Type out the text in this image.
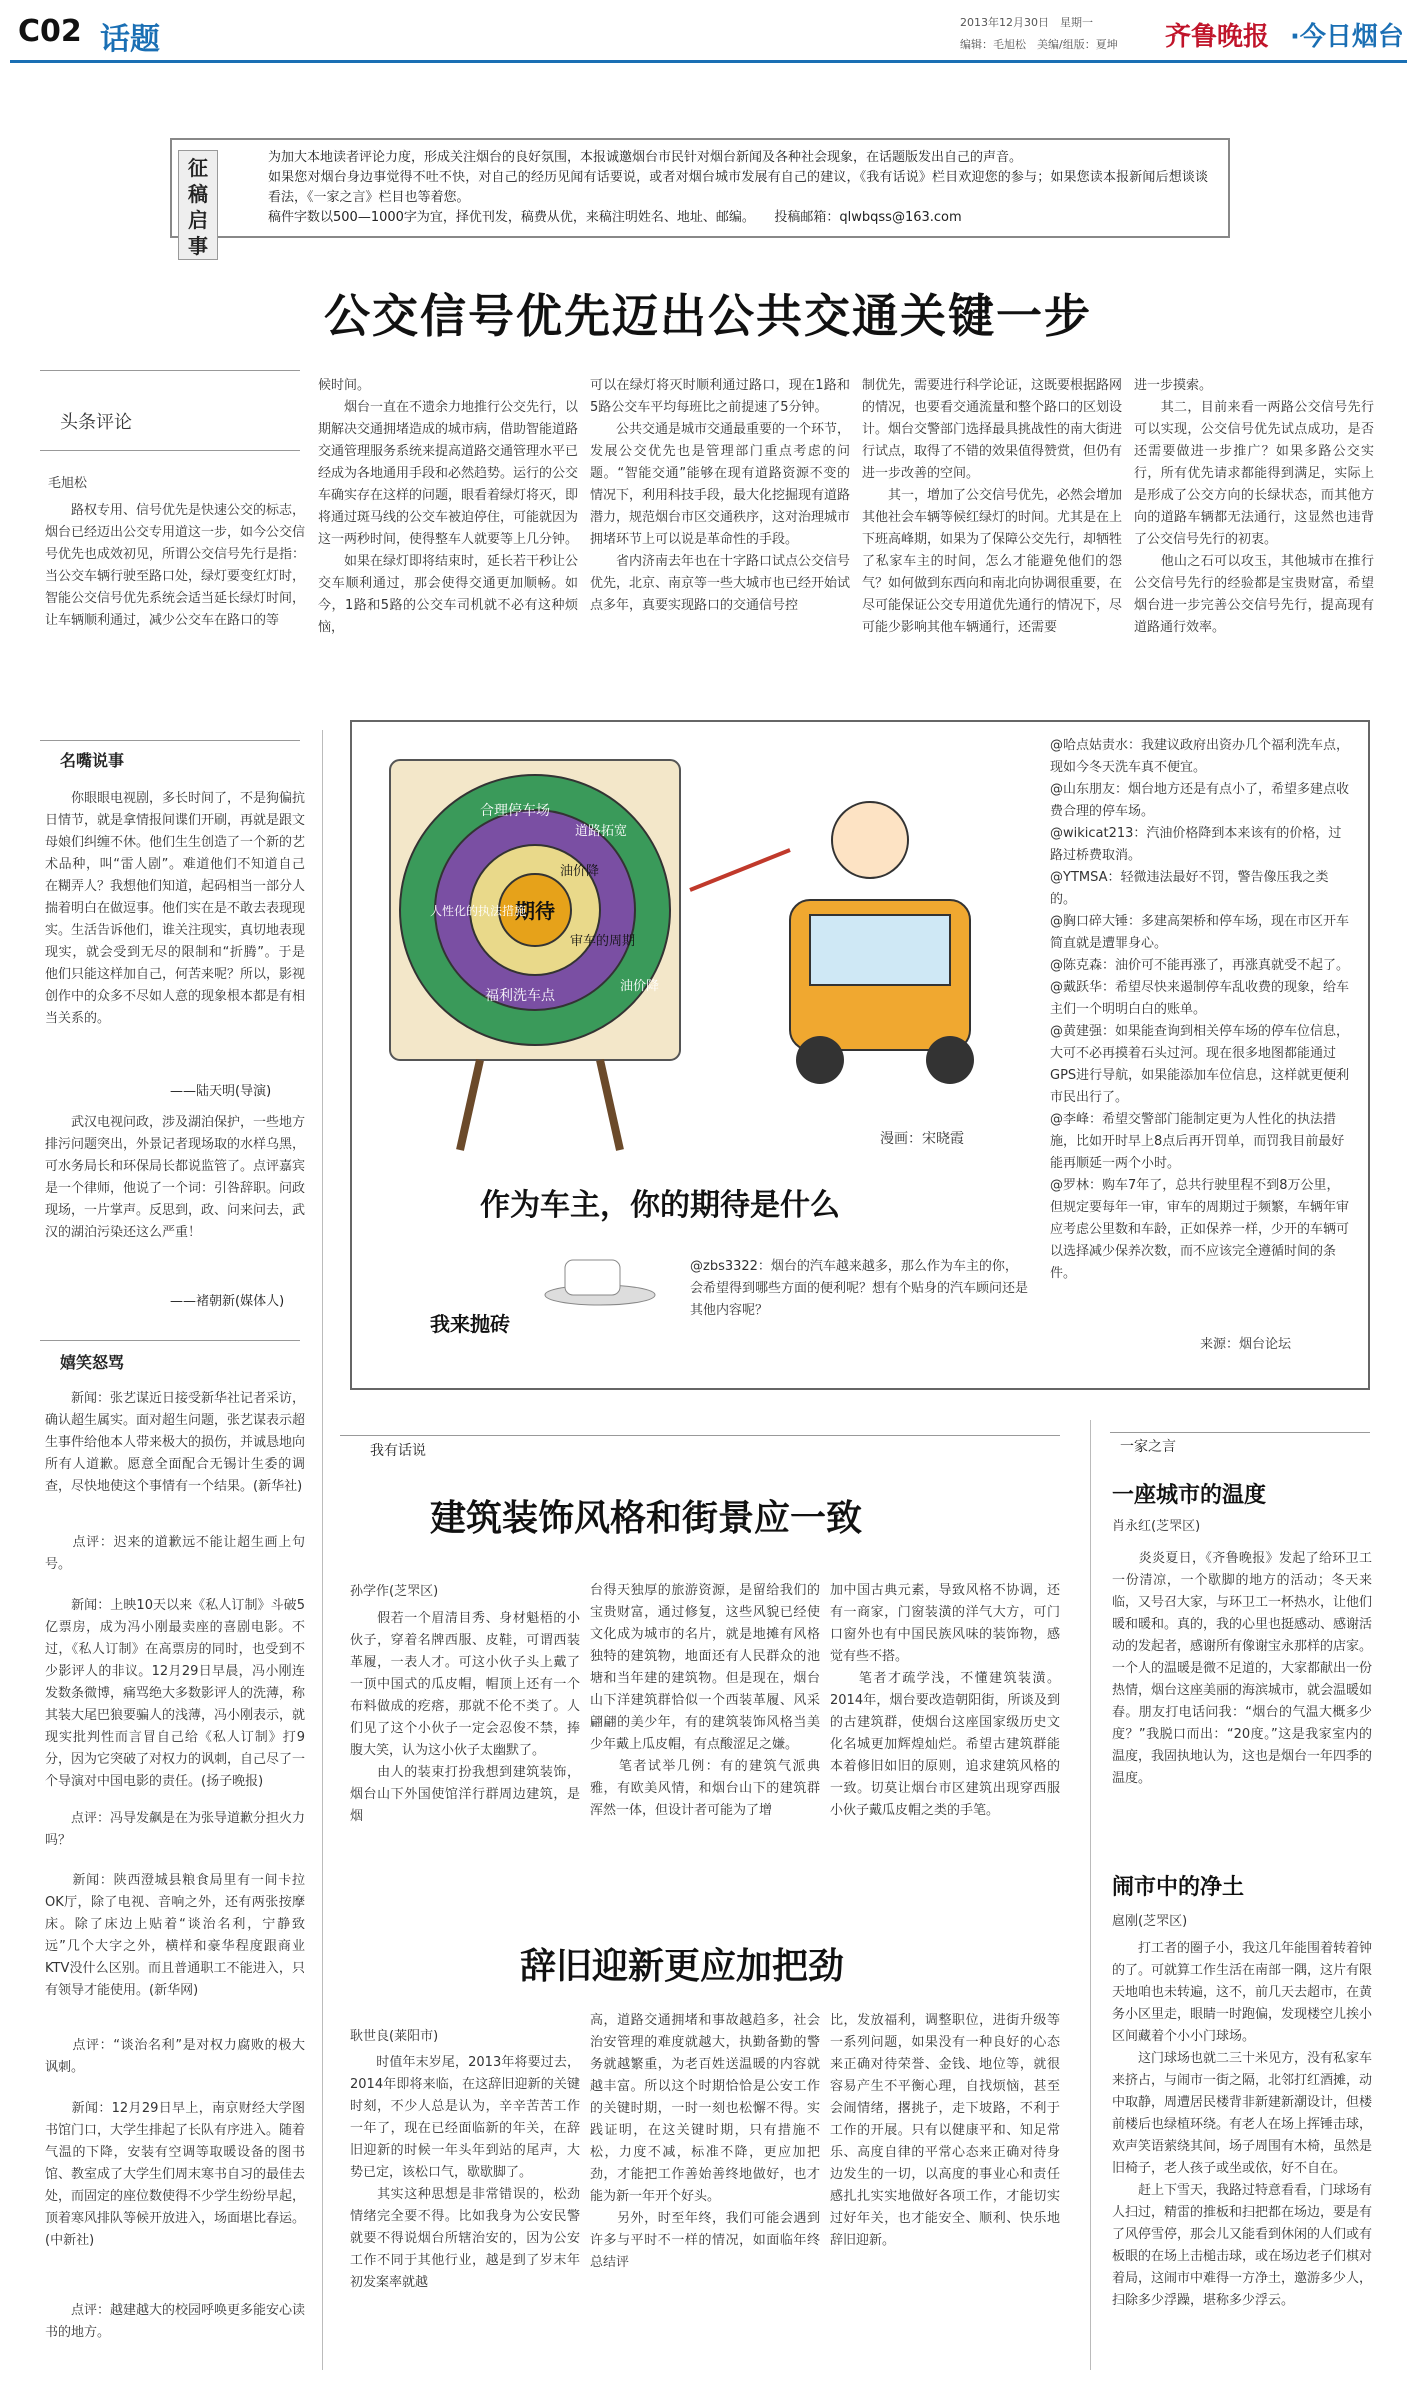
C02 话题	2013年12月30日　星期一
编辑：毛旭松　美编/组版：夏坤 齐鲁晚报 ·今日烟台
征稿启事
为加大本地读者评论力度，形成关注烟台的良好氛围，本报诚邀烟台市民针对烟台新闻及各种社会现象，在话题版发出自己的声音。
如果您对烟台身边事觉得不吐不快，对自己的经历见闻有话要说，或者对烟台城市发展有自己的建议，《我有话说》栏目欢迎您的参与；如果您读本报新闻后想谈谈看法，《一家之言》栏目也等着您。
稿件字数以500—1000字为宜，择优刊发，稿费从优，来稿注明姓名、地址、邮编。　　投稿邮箱：qlwbqss@163.com
公交信号优先迈出公共交通关键一步
头条评论
毛旭松
　　路权专用、信号优先是快速公交的标志，烟台已经迈出公交专用道这一步，如今公交信号优先也成效初见，所谓公交信号先行是指：当公交车辆行驶至路口处，绿灯要变红灯时，智能公交信号优先系统会适当延长绿灯时间，让车辆顺利通过，减少公交车在路口的等
候时间。
　　烟台一直在不遗余力地推行公交先行，以期解决交通拥堵造成的城市病，借助智能道路交通管理服务系统来提高道路交通管理水平已经成为各地通用手段和必然趋势。运行的公交车确实存在这样的问题，眼看着绿灯将灭，即将通过斑马线的公交车被迫停住，可能就因为这一两秒时间，使得整车人就要等上几分钟。
　　如果在绿灯即将结束时，延长若干秒让公交车顺利通过，那会使得交通更加顺畅。如今，1路和5路的公交车司机就不必有这种烦恼，
可以在绿灯将灭时顺利通过路口，现在1路和5路公交车平均每班比之前提速了5分钟。
　　公共交通是城市交通最重要的一个环节，发展公交优先也是管理部门重点考虑的问题。“智能交通”能够在现有道路资源不变的情况下，利用科技手段，最大化挖掘现有道路潜力，规范烟台市区交通秩序，这对治理城市拥堵环节上可以说是革命性的手段。
　　省内济南去年也在十字路口试点公交信号优先，北京、南京等一些大城市也已经开始试点多年，真要实现路口的交通信号控
制优先，需要进行科学论证，这既要根据路网的情况，也要看交通流量和整个路口的区划设计。烟台交警部门选择最具挑战性的南大街进行试点，取得了不错的效果值得赞赏，但仍有进一步改善的空间。
　　其一，增加了公交信号优先，必然会增加其他社会车辆等候红绿灯的时间。尤其是在上下班高峰期，如果为了保障公交先行，却牺牲了私家车主的时间，怎么才能避免他们的怨气？如何做到东西向和南北向协调很重要，在尽可能保证公交专用道优先通行的情况下，尽可能少影响其他车辆通行，还需要
进一步摸索。
　　其二，目前来看一两路公交信号先行可以实现，公交信号优先试点成功，是否还需要做进一步推广？如果多路公交实行，所有优先请求都能得到满足，实际上是形成了公交方向的长绿状态，而其他方向的道路车辆都无法通行，这显然也违背了公交信号先行的初衷。
　　他山之石可以攻玉，其他城市在推行公交信号先行的经验都是宝贵财富，希望烟台进一步完善公交信号先行，提高现有道路通行效率。
名嘴说事
　　你眼眼电视剧，多长时间了，不是狗偏抗日情节，就是拿情报间谍们开刷，再就是跟文母娘们纠缠不休。他们生生创造了一个新的艺术品种，叫“雷人剧”。难道他们不知道自己在糊弄人？我想他们知道，起码相当一部分人揣着明白在做逗事。他们实在是不敢去表现现实。生活告诉他们，谁关注现实，真切地表现现实，就会受到无尽的限制和“折腾”。于是他们只能这样加自己，何苦来呢？所以，影视创作中的众多不尽如人意的现象根本都是有相当关系的。
——陆天明(导演)
　　武汉电视问政，涉及湖泊保护，一些地方排污问题突出，外景记者现场取的水样乌黑，可水务局长和环保局长都说监管了。点评嘉宾是一个律师，他说了一个词：引咎辞职。问政现场，一片掌声。反思到，政、问来问去，武汉的湖泊污染还这么严重！
——褚朝新(媒体人)
嬉笑怒骂
　　新闻：张艺谋近日接受新华社记者采访，确认超生属实。面对超生问题，张艺谋表示超生事件给他本人带来极大的损伤，并诚恳地向所有人道歉。愿意全面配合无锡计生委的调查，尽快地使这个事情有一个结果。(新华社)
　　点评：迟来的道歉远不能让超生画上句号。
　　新闻：上映10天以来《私人订制》斗破5亿票房，成为冯小刚最卖座的喜剧电影。不过，《私人订制》在高票房的同时，也受到不少影评人的非议。12月29日早晨，冯小刚连发数条微博，痛骂绝大多数影评人的洗薄，称其装大尾巴狼要骗人的浅薄，冯小刚表示，就现实批判性而言冒自己给《私人订制》打9分，因为它突破了对权力的讽刺，自己尽了一个导演对中国电影的责任。(扬子晚报)
　　点评：冯导发飙是在为张导道歉分担火力吗？
　　新闻：陕西澄城县粮食局里有一间卡拉OK厅，除了电视、音响之外，还有两张按摩床。除了床边上贴着“谈治名利，宁静致远”几个大字之外，横样和豪华程度跟商业KTV没什么区别。而且普通职工不能进入，只有领导才能使用。(新华网)
　　点评：“谈治名利”是对权力腐败的极大讽刺。
　　新闻：12月29日早上，南京财经大学图书馆门口，大学生排起了长队有序进入。随着气温的下降，安装有空调等取暖设备的图书馆、教室成了大学生们周末寒书自习的最佳去处，而固定的座位数使得不少学生纷纷早起，顶着寒风排队等候开放进入，场面堪比春运。(中新社)
　　点评：越建越大的校园呼唤更多能安心读书的地方。
期待
合理停车场
道路拓宽
油价降
审车的周期
人性化的执法措施
福利洗车点
油价降
漫画：宋晓霞
作为车主，你的期待是什么
@哈点姑责水：我建议政府出资办几个福利洗车点，现如今冬天洗车真不便宜。
@山东朋友：烟台地方还是有点小了，希望多建点收费合理的停车场。
@wikicat213：汽油价格降到本来该有的价格，过路过桥费取消。
@YTMSA：轻微违法最好不罚，警告像压我之类的。
@胸口碎大锤：多建高架桥和停车场，现在市区开车简直就是遭罪身心。
@陈克森：油价可不能再涨了，再涨真就受不起了。
@戴跃华：希望尽快来遏制停车乱收费的现象，给车主们一个明明白白的账单。
@黄建强：如果能查询到相关停车场的停车位信息，大可不必再摸着石头过河。现在很多地图都能通过GPS进行导航，如果能添加车位信息，这样就更便利市民出行了。
@李峰：希望交警部门能制定更为人性化的执法措施，比如开时早上8点后再开罚单，而罚我目前最好能再顺延一两个小时。
@罗林：购车7年了，总共行驶里程不到8万公里，但规定要每年一审，审车的周期过于频繁，车辆年审应考虑公里数和车龄，正如保养一样，少开的车辆可以选择减少保养次数，而不应该完全遵循时间的条件。
@zbs3322：烟台的汽车越来越多，那么作为车主的你，会希望得到哪些方面的便利呢？想有个贴身的汽车顾问还是其他内容呢？
我来抛砖
来源：烟台论坛
我有话说
建筑装饰风格和街景应一致
孙学作(芝罘区)
　　假若一个眉清目秀、身材魁梧的小伙子，穿着名牌西服、皮鞋，可谓西装革履，一表人才。可这小伙子头上戴了一顶中国式的瓜皮帽，帽顶上还有一个布料做成的疙瘩，那就不伦不类了。人们见了这个小伙子一定会忍俊不禁，捧腹大笑，认为这小伙子太幽默了。
　　由人的装束打扮我想到建筑装饰，烟台山下外国使馆洋行群周边建筑，是烟
台得天独厚的旅游资源，是留给我们的宝贵财富，通过修复，这些风貌已经使文化成为城市的名片，就是地摊有风格独特的建筑物，地面还有人民群众的池塘和当年建的建筑物。但是现在，烟台山下洋建筑群恰似一个西装革履、风采翩翩的美少年，有的建筑装饰风格当美少年戴上瓜皮帽，有点酸涩足之嫌。
　　笔者试举几例：有的建筑气派典雅，有欧美风情，和烟台山下的建筑群浑然一体，但设计者可能为了增
加中国古典元素，导致风格不协调，还有一商家，门窗装潢的洋气大方，可门口窗外也有中国民族风味的装饰物，感觉有些不搭。
　　笔者才疏学浅，不懂建筑装潢。2014年，烟台要改造朝阳街，所谈及到的古建筑群，使烟台这座国家级历史文化名城更加辉煌灿烂。希望古建筑群能本着修旧如旧的原则，追求建筑风格的一致。切莫让烟台市区建筑出现穿西服小伙子戴瓜皮帽之类的手笔。
辞旧迎新更应加把劲
耿世良(莱阳市)
　　时值年末岁尾，2013年将要过去，2014年即将来临，在这辞旧迎新的关键时刻，不少人总是认为，辛辛苦苦工作一年了，现在已经面临新的年关，在辞旧迎新的时候一年头年到站的尾声，大势已定，该松口气，歇歇脚了。
　　其实这种思想是非常错误的，松劲情绪完全要不得。比如我身为公安民警就要不得说烟台所辖治安的，因为公安工作不同于其他行业，越是到了岁末年初发案率就越
高，道路交通拥堵和事故越趋多，社会治安管理的难度就越大，执勤备勤的警务就越繁重，为老百姓送温暖的内容就越丰富。所以这个时期恰恰是公安工作的关键时期，一时一刻也松懈不得。实践证明，在这关键时期，只有措施不松，力度不减，标准不降，更应加把劲，才能把工作善始善终地做好，也才能为新一年开个好头。
　　另外，时至年终，我们可能会遇到许多与平时不一样的情况，如面临年终总结评
比，发放福利，调整职位，进街升级等一系列问题，如果没有一种良好的心态来正确对待荣誉、金钱、地位等，就很容易产生不平衡心理，自找烦恼，甚至会闹情绪，撂挑子，走下坡路，不利于工作的开展。只有以健康平和、知足常乐、高度自律的平常心态来正确对待身边发生的一切，以高度的事业心和责任感扎扎实实地做好各项工作，才能切实过好年关，也才能安全、顺利、快乐地辞旧迎新。
一家之言
一座城市的温度
肖永红(芝罘区)
　　炎炎夏日，《齐鲁晚报》发起了给环卫工一份清凉，一个歇脚的地方的活动；冬天来临，又号召大家，与环卫工一杯热水，让他们暖和暖和。真的，我的心里也挺感动、感谢活动的发起者，感谢所有像谢宝永那样的店家。一个人的温暖是微不足道的，大家都献出一份热情，烟台这座美丽的海滨城市，就会温暖如春。朋友打电话问我：“烟台的气温大概多少度？”我脱口而出：“20度。”这是我家室内的温度，我固执地认为，这也是烟台一年四季的温度。
闹市中的净土
扈刚(芝罘区)
　　打工者的圈子小，我这几年能围着转着钟的了。可就算工作生活在南部一隅，这片有限天地咱也未转遍，这不，前几天去超市，在黄务小区里走，眼睛一时跑偏，发现楼空儿挨小区间藏着个小小门球场。
　　这门球场也就二三十米见方，没有私家车来挤占，与闹市一街之隔，北邻打红酒摊，动中取静，周遭居民楼背非新建新潮设计，但楼前楼后也绿植环绕。有老人在场上挥锤击球，欢声笑语萦绕其间，场子周围有木椅，虽然是旧椅子，老人孩子或坐或依，好不自在。
　　赶上下雪天，我路过特意看看，门球场有人扫过，精雷的推板和扫把都在场边，要是有了风停雪停，那会儿又能看到休闲的人们或有板眼的在场上击槌击球，或在场边老子们棋对着局，这闹市中难得一方净土，邀游多少人，扫除多少浮躁，堪称多少浮云。
